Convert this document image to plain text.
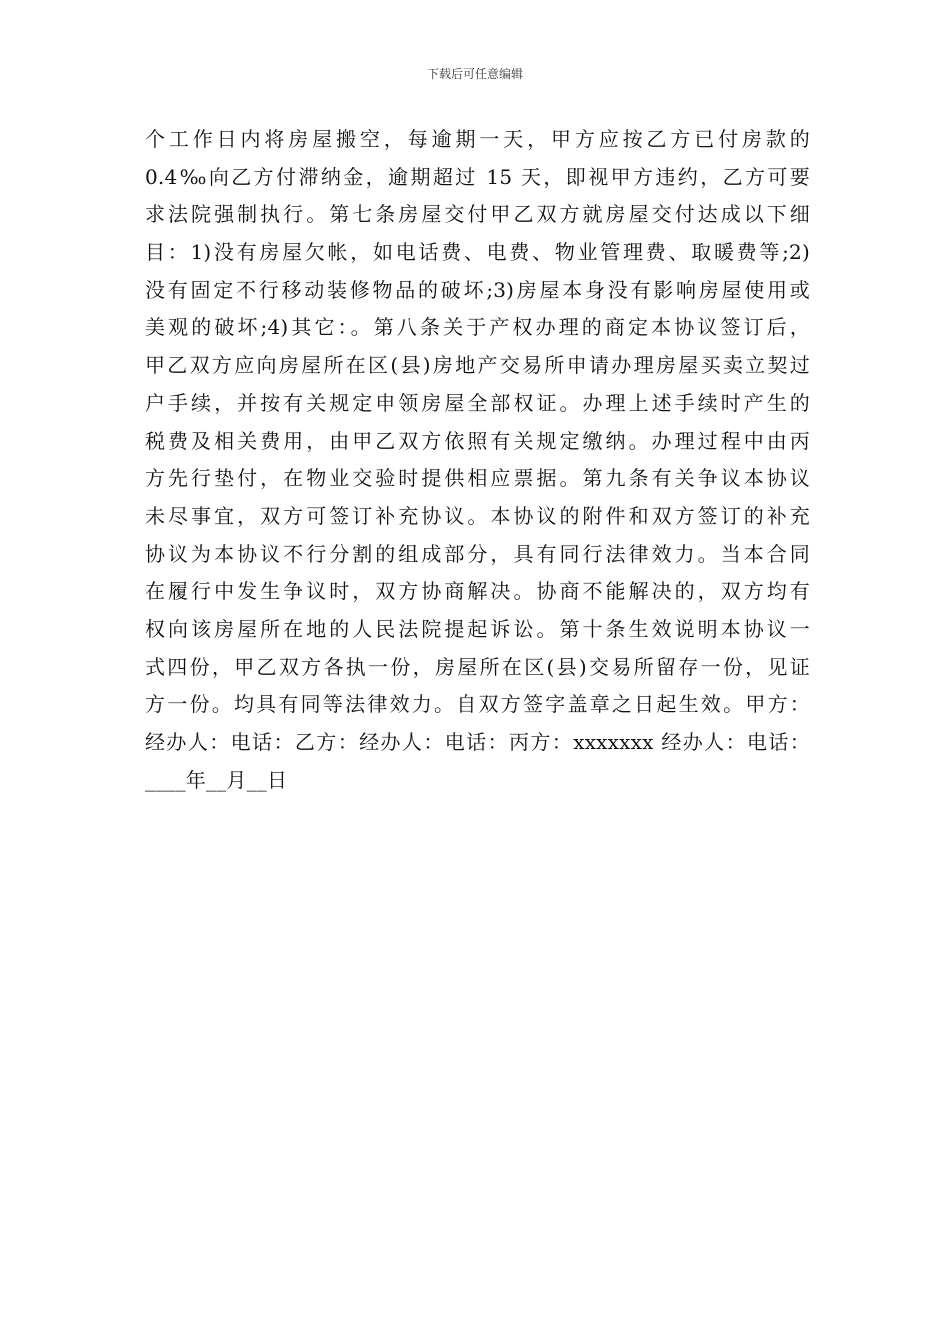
下载后可任意编辑
个工作日内将房屋搬空，每逾期一天，甲方应按乙方已付房款的
0.4‰向乙方付滞纳金，逾期超过 15 天，即视甲方违约，乙方可要
求法院强制执行。第七条房屋交付甲乙双方就房屋交付达成以下细
目：1)没有房屋欠帐，如电话费、电费、物业管理费、取暖费等;2)
没有固定不行移动装修物品的破坏;3)房屋本身没有影响房屋使用或
美观的破坏;4)其它：。第八条关于产权办理的商定本协议签订后，
甲乙双方应向房屋所在区(县)房地产交易所申请办理房屋买卖立契过
户手续，并按有关规定申领房屋全部权证。办理上述手续时产生的
税费及相关费用，由甲乙双方依照有关规定缴纳。办理过程中由丙
方先行垫付，在物业交验时提供相应票据。第九条有关争议本协议
未尽事宜，双方可签订补充协议。本协议的附件和双方签订的补充
协议为本协议不行分割的组成部分，具有同行法律效力。当本合同
在履行中发生争议时，双方协商解决。协商不能解决的，双方均有
权向该房屋所在地的人民法院提起诉讼。第十条生效说明本协议一
式四份，甲乙双方各执一份，房屋所在区(县)交易所留存一份，见证
方一份。均具有同等法律效力。自双方签字盖章之日起生效。甲方：
经办人：电话：乙方：经办人：电话：丙方：xxxxxxx 经办人：电话：
____年__月__日
